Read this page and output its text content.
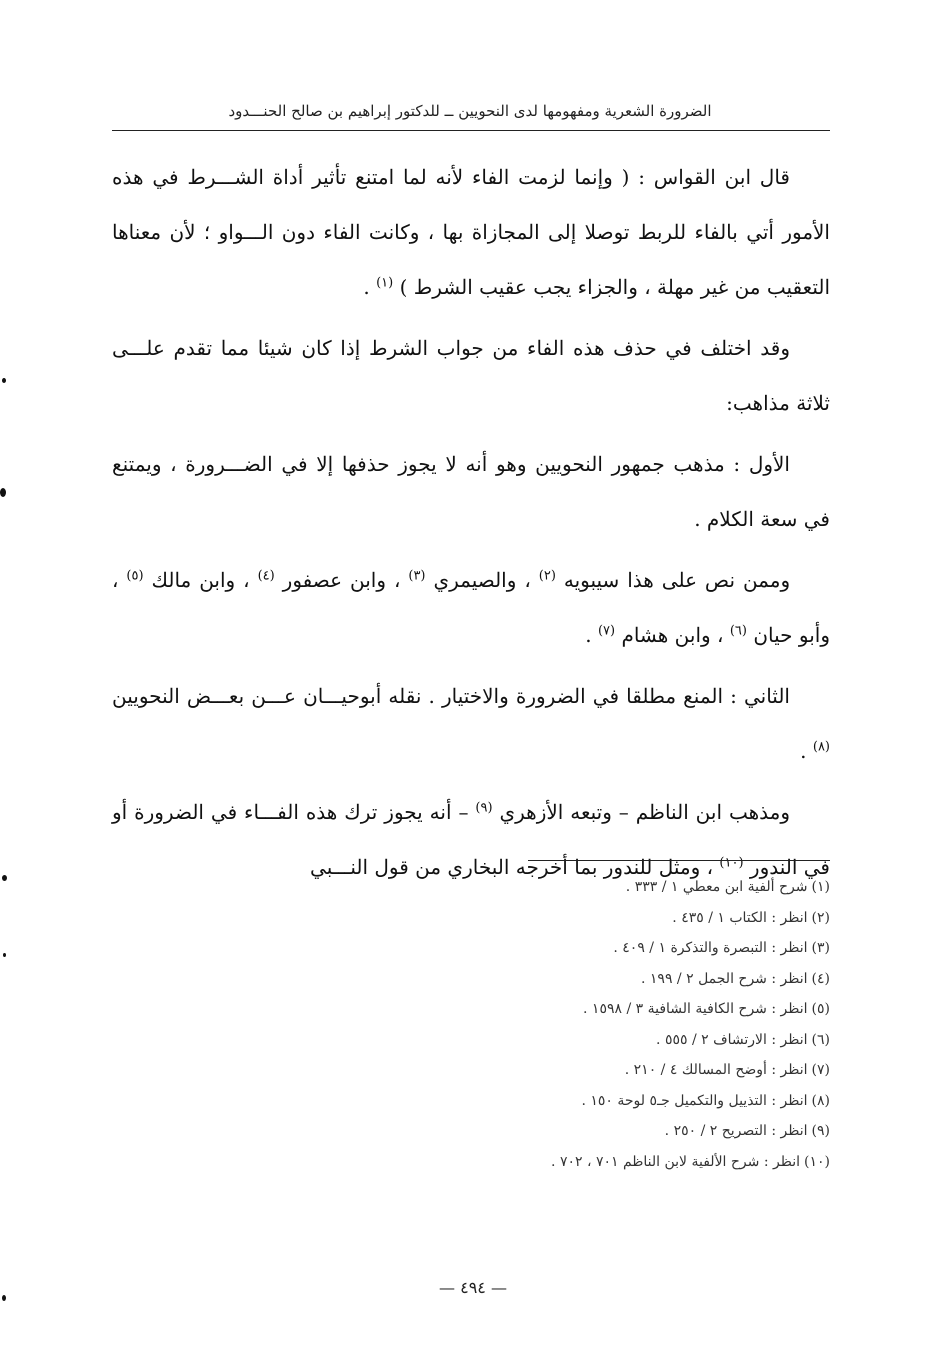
الضرورة الشعرية ومفهومها لدى النحويين ــ للدكتور إبراهيم بن صالح الحنـــدود

قال ابن القواس : ( وإنما لزمت الفاء لأنه لما امتنع تأثير أداة الشـــرط في هذه الأمور أتي بالفاء للربط توصلا إلى المجازاة بها ، وكانت الفاء دون الـــواو ؛ لأن معناها التعقيب من غير مهلة ، والجزاء يجب عقيب الشرط ) $^{(١)}$ .

وقد اختلف في حذف هذه الفاء من جواب الشرط إذا كان شيئا مما تقدم علـــى ثلاثة مذاهب:

الأول : مذهب جمهور النحويين وهو أنه لا يجوز حذفها إلا في الضـــرورة ، ويمتنع في سعة الكلام .

وممن نص على هذا سيبويه $^{(٢)}$ ، والصيمري $^{(٣)}$ ، وابن عصفور $^{(٤)}$ ، وابن مالك $^{(٥)}$ ، وأبو حيان $^{(٦)}$ ، وابن هشام $^{(٧)}$ .

الثاني : المنع مطلقا في الضرورة والاختيار . نقله أبوحيـــان عـــن بعـــض النحويين $^{(٨)}$ .

ومذهب ابن الناظم – وتبعه الأزهري $^{(٩)}$ – أنه يجوز ترك هذه الفـــاء في الضرورة أو في الندور $^{(١٠)}$ ، ومثل للندور بما أخرجه البخاري من قول النـــبي

(١)شرح ألفية ابن معطي ١ / ٣٣٣ .
(٢)انظر : الكتاب ١ / ٤٣٥ .
(٣)انظر : التبصرة والتذكرة ١ / ٤٠٩ .
(٤)انظر : شرح الجمل ٢ / ١٩٩ .
(٥)انظر : شرح الكافية الشافية ٣ / ١٥٩٨ .
(٦)انظر : الارتشاف ٢ / ٥٥٥ .
(٧)انظر : أوضح المسالك ٤ / ٢١٠ .
(٨)انظر : التذييل والتكميل جـ٥ لوحة ١٥٠ .
(٩)انظر : التصريح ٢ / ٢٥٠ .
(١٠)انظر : شرح الألفية لابن الناظم ٧٠١ ، ٧٠٢ .
— ٤٩٤ —
